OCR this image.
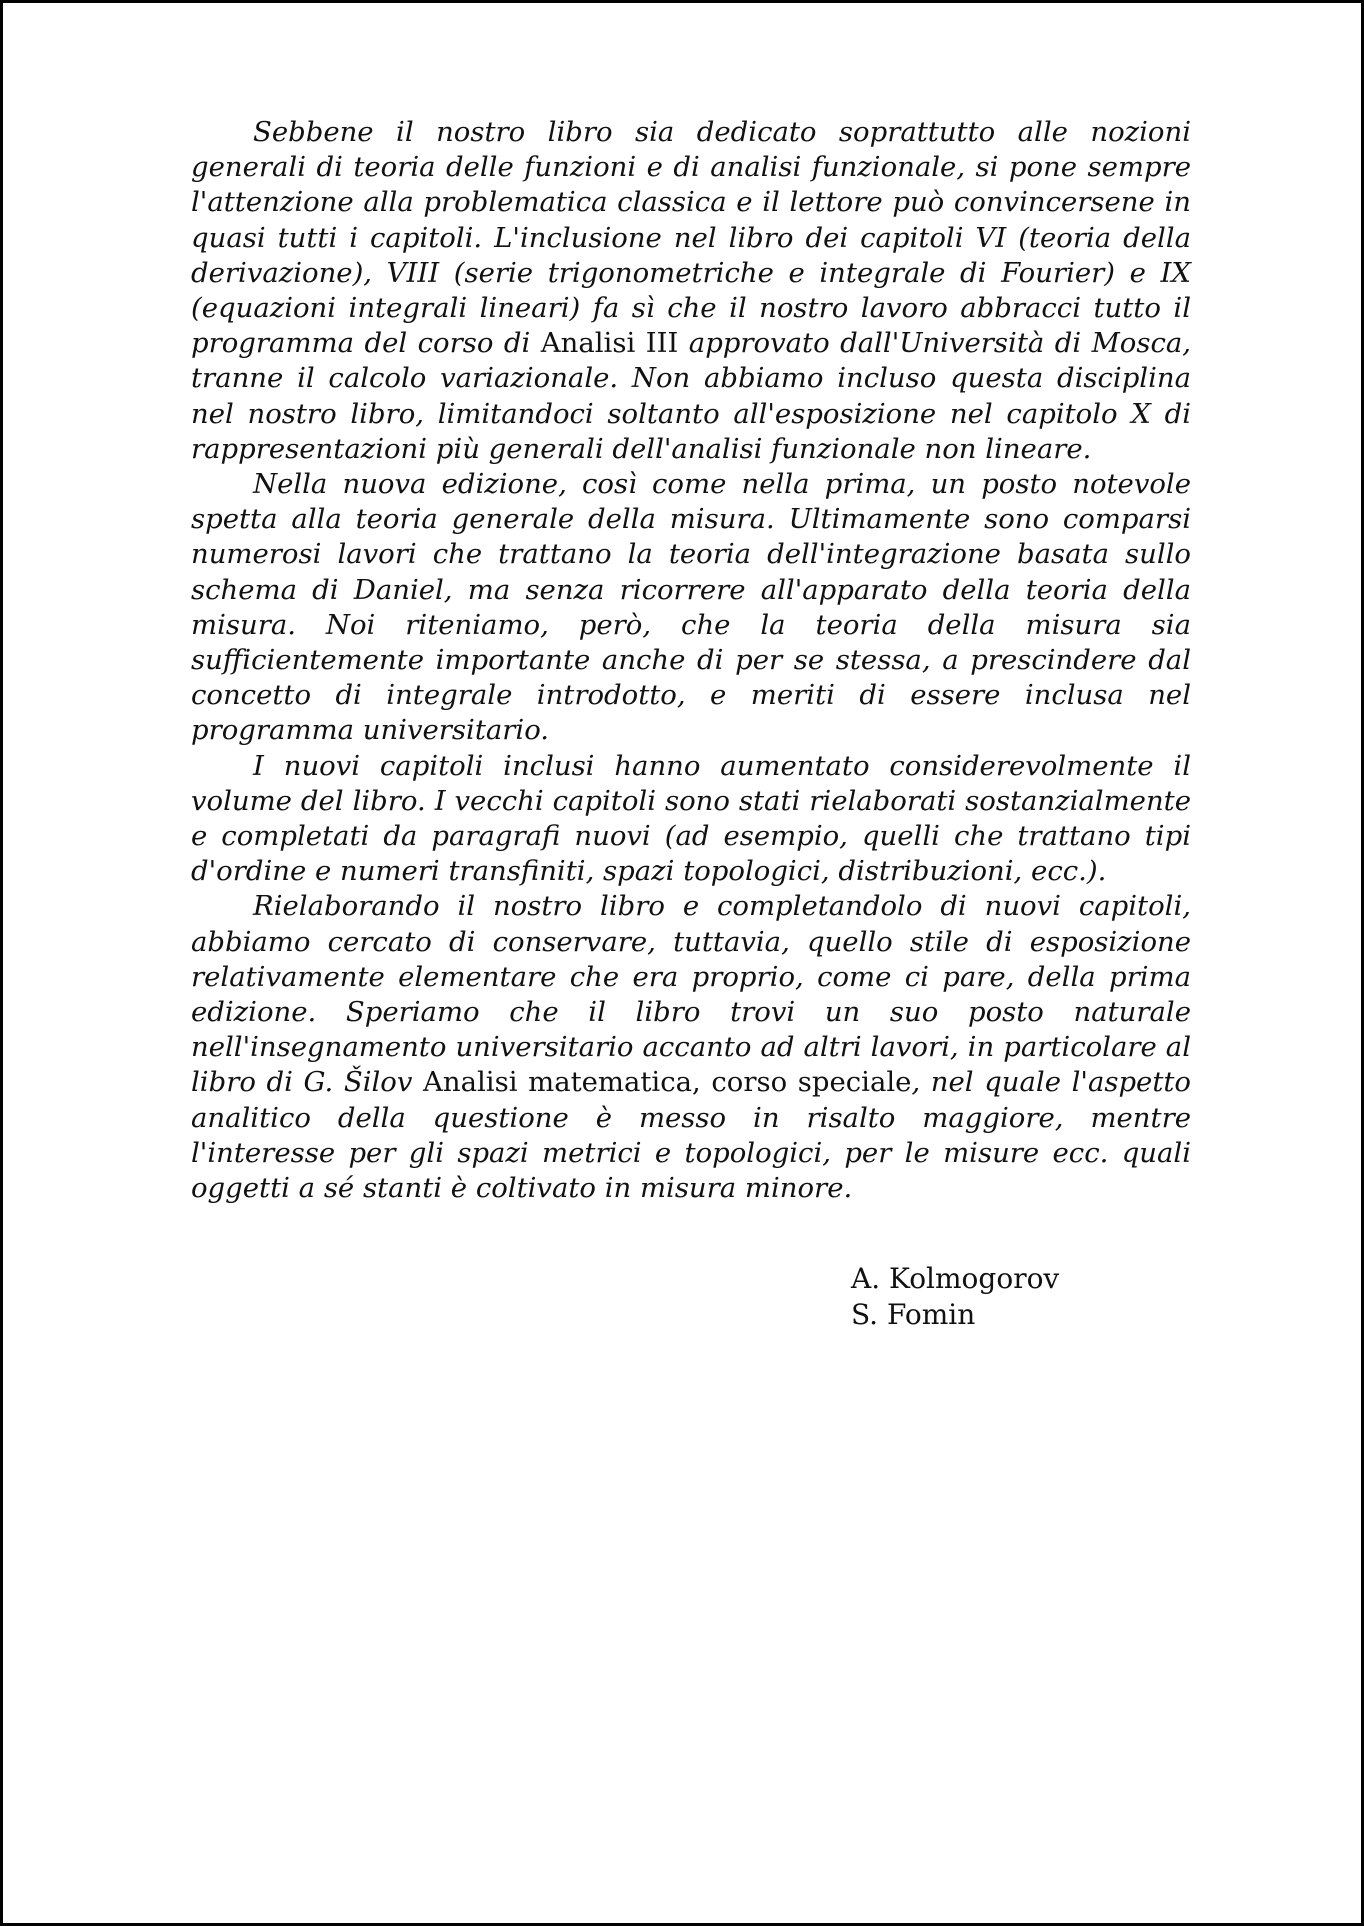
Sebbene il nostro libro sia dedicato soprattutto alle nozioni generali di teoria delle funzioni e di analisi funzionale, si pone sempre l'attenzione alla problematica classica e il lettore può convincersene in quasi tutti i capitoli. L'inclusione nel libro dei capitoli VI (teoria della derivazione), VIII (serie trigonometriche e integrale di Fourier) e IX (equazioni integrali lineari) fa sì che il nostro lavoro abbracci tutto il programma del corso di Analisi III approvato dall'Università di Mosca, tranne il calcolo variazionale. Non abbiamo incluso questa disciplina nel nostro libro, limitandoci soltanto all'esposizione nel capitolo X di rappresentazioni più generali dell'analisi funzionale non lineare.

Nella nuova edizione, così come nella prima, un posto notevole spetta alla teoria generale della misura. Ultimamente sono comparsi numerosi lavori che trattano la teoria dell'integrazione basata sullo schema di Daniel, ma senza ricorrere all'apparato della teoria della misura. Noi riteniamo, però, che la teoria della misura sia sufficientemente importante anche di per se stessa, a prescindere dal concetto di integrale introdotto, e meriti di essere inclusa nel programma universitario.

I nuovi capitoli inclusi hanno aumentato considerevolmente il volume del libro. I vecchi capitoli sono stati rielaborati sostanzialmente e completati da paragrafi nuovi (ad esempio, quelli che trattano tipi d'ordine e numeri transfiniti, spazi topologici, distribuzioni, ecc.).

Rielaborando il nostro libro e completandolo di nuovi capitoli, abbiamo cercato di conservare, tuttavia, quello stile di esposizione relativamente elementare che era proprio, come ci pare, della prima edizione. Speriamo che il libro trovi un suo posto naturale nell'insegnamento universitario accanto ad altri lavori, in particolare al libro di G. Šilov Analisi matematica, corso speciale, nel quale l'aspetto analitico della questione è messo in risalto maggiore, mentre l'interesse per gli spazi metrici e topologici, per le misure ecc. quali oggetti a sé stanti è coltivato in misura minore.

A. Kolmogorov
S. Fomin
